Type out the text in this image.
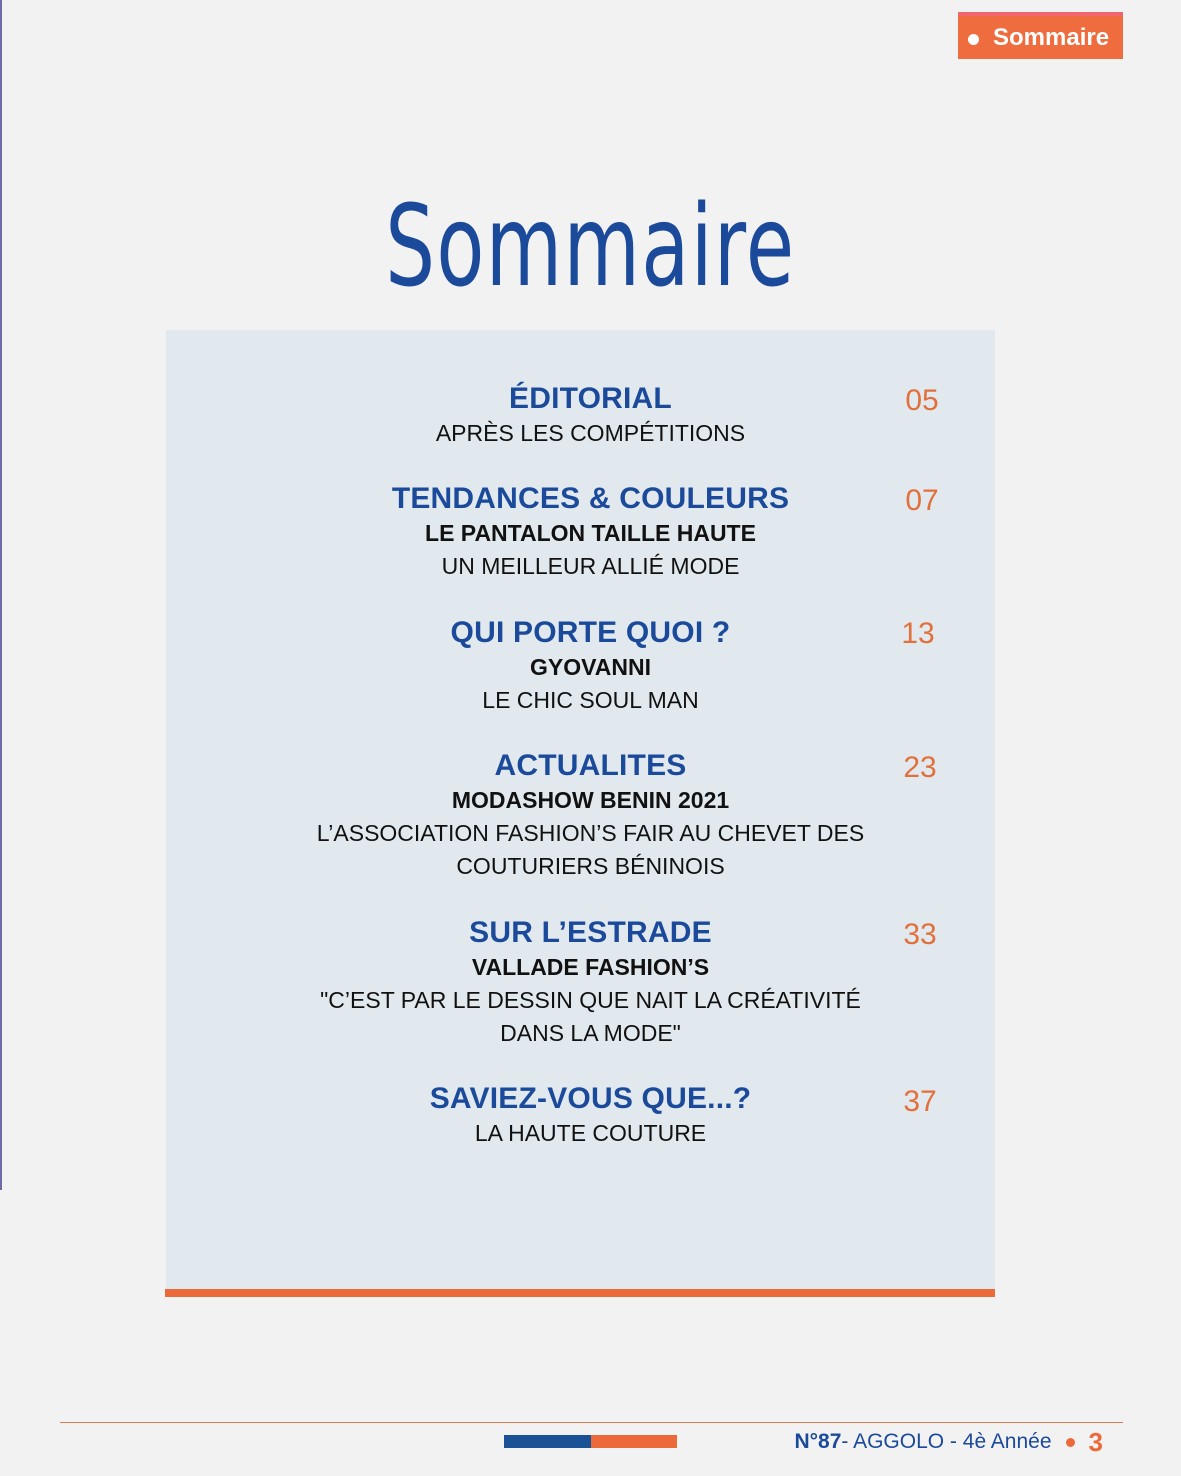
Sommaire
Sommaire
ÉDITORIAL
APRÈS LES COMPÉTITIONS
05
TENDANCES & COULEURS
LE PANTALON TAILLE HAUTE
UN MEILLEUR ALLIÉ MODE
07
QUI PORTE QUOI ?
GYOVANNI
LE CHIC SOUL MAN
13
ACTUALITES
MODASHOW BENIN 2021
L’ASSOCIATION FASHION’S FAIR AU CHEVET DES
COUTURIERS BÉNINOIS
23
SUR L’ESTRADE
VALLADE FASHION’S
"C’EST PAR LE DESSIN QUE NAIT LA CRÉATIVITÉ
DANS LA MODE"
33
SAVIEZ-VOUS QUE...?
LA HAUTE COUTURE
37
N°87 - AGGOLO - 4è Année 3
